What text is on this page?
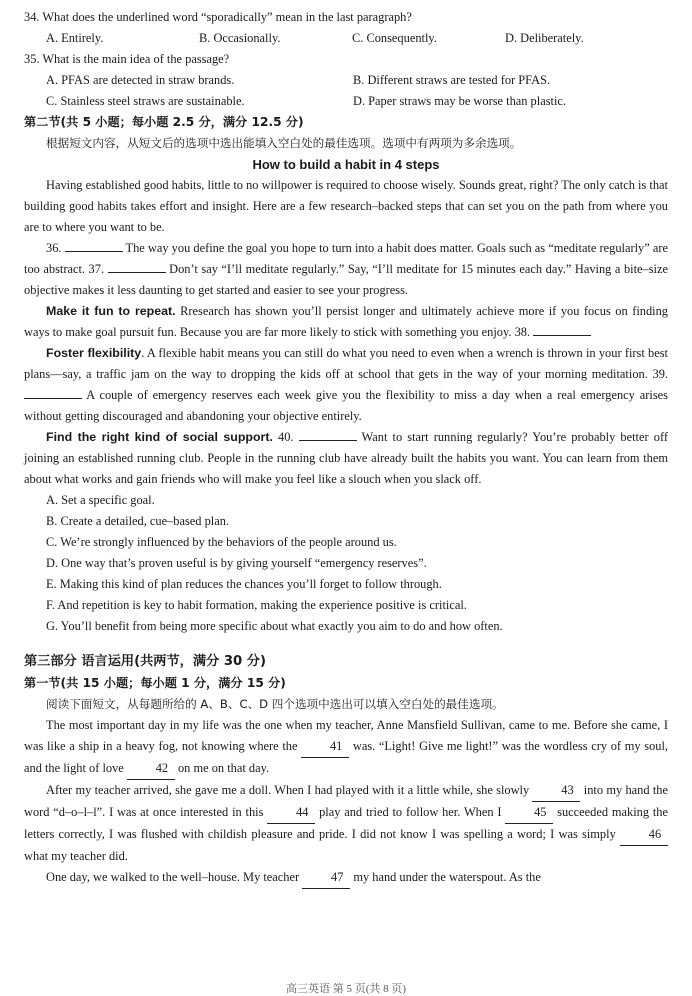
34. What does the underlined word “sporadically” mean in the last paragraph?
A. Entirely.	B. Occasionally.	C. Consequently.	D. Deliberately.
35. What is the main idea of the passage?
A. PFAS are detected in straw brands.	B. Different straws are tested for PFAS.
C. Stainless steel straws are sustainable.	D. Paper straws may be worse than plastic.
第二节(共 5 小题；每小题 2.5 分，满分 12.5 分)
根据短文内容，从短文后的选项中选出能填入空白处的最佳选项。选项中有两项为多余选项。
How to build a habit in 4 steps
Having established good habits, little to no willpower is required to choose wisely. Sounds great, right? The only catch is that building good habits takes effort and insight. Here are a few research–backed steps that can set you on the path from where you are to where you want to be.
36.	The way you define the goal you hope to turn into a habit does matter. Goals such as “meditate regularly” are too abstract. 37.	Don’t say “I’ll meditate regularly.” Say, “I’ll meditate for 15 minutes each day.” Having a bite–size objective makes it less daunting to get started and easier to see your progress.
Make it fun to repeat. Rresearch has shown you’ll persist longer and ultimately achieve more if you focus on finding ways to make goal pursuit fun. Because you are far more likely to stick with something you enjoy. 38.
Foster flexibility. A flexible habit means you can still do what you need to even when a wrench is thrown in your first best plans—say, a traffic jam on the way to dropping the kids off at school that gets in the way of your morning meditation. 39.  A couple of emergency reserves each week give you the flexibility to miss a day when a real emergency arises without getting discouraged and abandoning your objective entirely.
Find the right kind of social support. 40.	Want to start running regularly? You’re probably better off joining an established running club. People in the running club have already built the habits you want. You can learn from them about what works and gain friends who will make you feel like a slouch when you slack off.
A. Set a specific goal.
B. Create a detailed, cue–based plan.
C. We’re strongly influenced by the behaviors of the people around us.
D. One way that’s proven useful is by giving yourself “emergency reserves”.
E. Making this kind of plan reduces the chances you’ll forget to follow through.
F. And repetition is key to habit formation, making the experience positive is critical.
G. You’ll benefit from being more specific about what exactly you aim to do and how often.
第三部分 语言运用(共两节，满分 30 分)
第一节(共 15 小题；每小题 1 分，满分 15 分)
阅读下面短文，从每题所给的 A、B、C、D 四个选项中选出可以填入空白处的最佳选项。
The most important day in my life was the one when my teacher, Anne Mansfield Sullivan, came to me. Before she came, I was like a ship in a heavy fog, not knowing where the 41 was. “Light! Give me light!” was the wordless cry of my soul, and the light of love 42 on me on that day.
After my teacher arrived, she gave me a doll. When I had played with it a little while, she slowly 43 into my hand the word “d–o–l–l”. I was at once interested in this 44 play and tried to follow her. When I 45 succeeded making the letters correctly, I was flushed with childish pleasure and pride. I did not know I was spelling a word; I was simply 46 what my teacher did.
One day, we walked to the well–house. My teacher 47 my hand under the waterspout. As the
高三英语 第 5 页(共 8 页)
